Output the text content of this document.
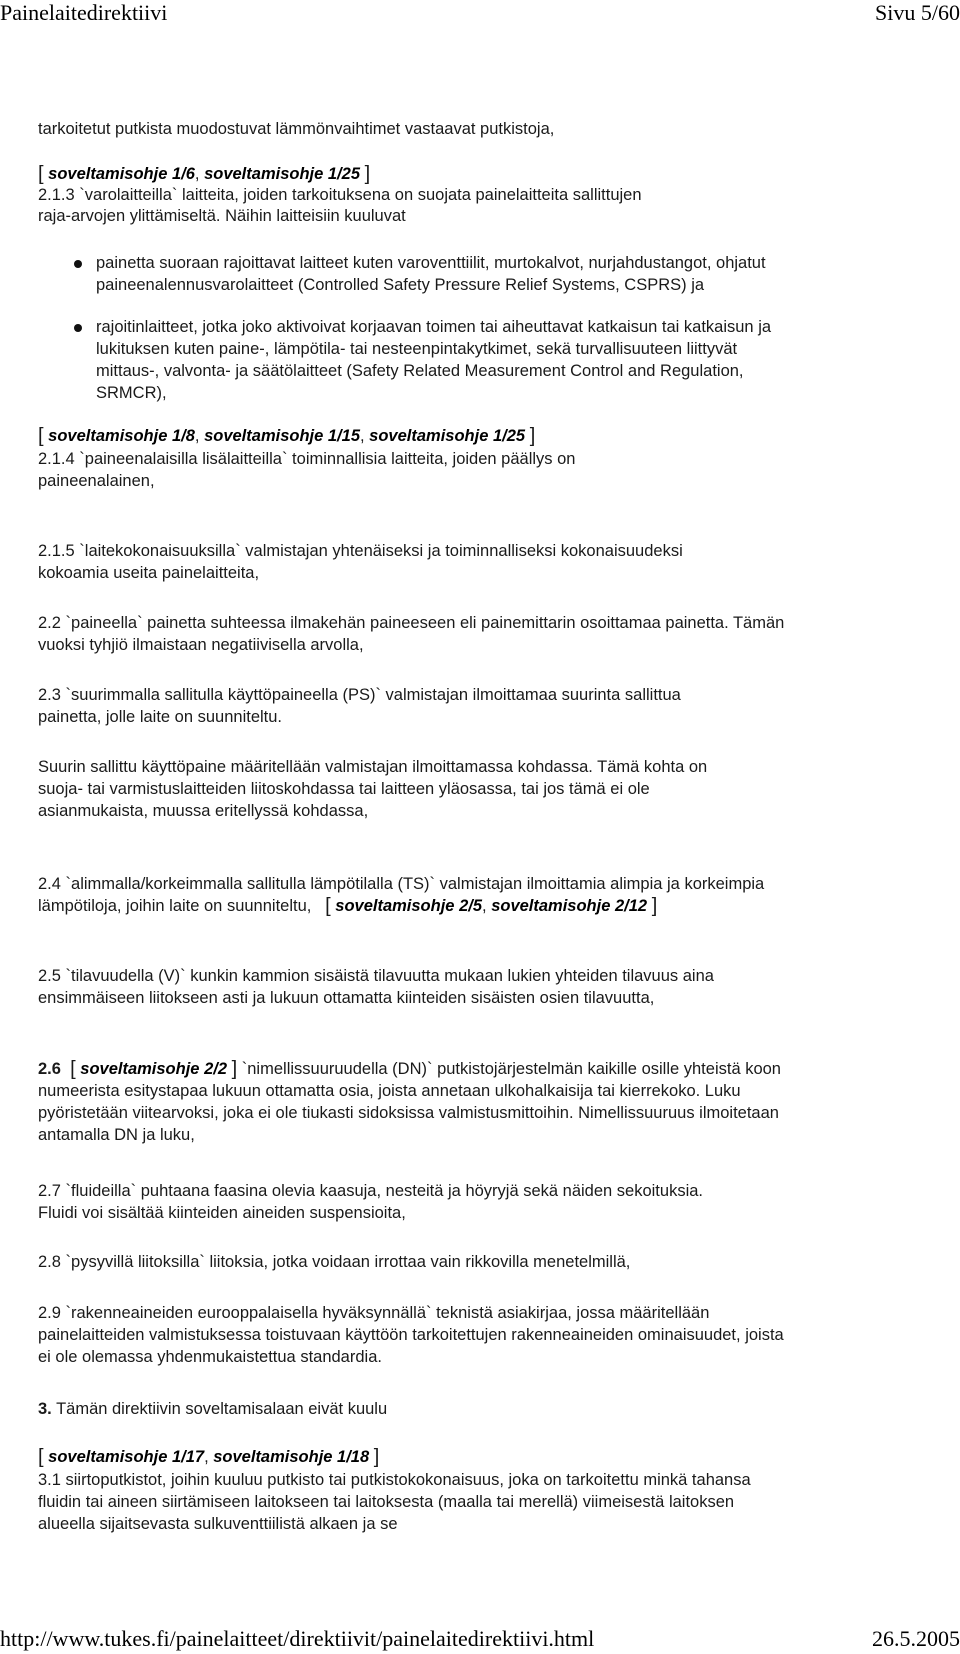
Painelaitedirektiivi	Sivu 5/60

tarkoitetut putkista muodostuvat lämmönvaihtimet vastaavat putkistoja,

[ soveltamisohje 1/6, soveltamisohje 1/25 ]

2.1.3 `varolaitteilla` laitteita, joiden tarkoituksena on suojata painelaitteita sallittujen
raja-arvojen ylittämiseltä. Näihin laitteisiin kuuluvat

painetta suoraan rajoittavat laitteet kuten varoventtiilit, murtokalvot, nurjahdustangot, ohjatut paineenalennusvarolaitteet (Controlled Safety Pressure Relief Systems, CSPRS) ja
rajoitinlaitteet, jotka joko aktivoivat korjaavan toimen tai aiheuttavat katkaisun tai katkaisun ja lukituksen kuten paine-, lämpötila- tai nesteenpintakytkimet, sekä turvallisuuteen liittyvät mittaus-, valvonta- ja säätölaitteet (Safety Related Measurement Control and Regulation, SRMCR),

[ soveltamisohje 1/8, soveltamisohje 1/15, soveltamisohje 1/25 ]

2.1.4 `paineenalaisilla lisälaitteilla` toiminnallisia laitteita, joiden päällys on paineenalainen,

2.1.5 `laitekokonaisuuksilla` valmistajan yhtenäiseksi ja toiminnalliseksi kokonaisuudeksi kokoamia useita painelaitteita,

2.2 `paineella` painetta suhteessa ilmakehän paineeseen eli painemittarin osoittamaa painetta. Tämän vuoksi tyhjiö ilmaistaan negatiivisella arvolla,

2.3 `suurimmalla sallitulla käyttöpaineella (PS)` valmistajan ilmoittamaa suurinta sallittua painetta, jolle laite on suunniteltu.

Suurin sallittu käyttöpaine määritellään valmistajan ilmoittamassa kohdassa. Tämä kohta on suoja- tai varmistuslaitteiden liitoskohdassa tai laitteen yläosassa, tai jos tämä ei ole asianmukaista, muussa eritellyssä kohdassa,

2.4 `alimmalla/korkeimmalla sallitulla lämpötilalla (TS)` valmistajan ilmoittamia alimpia ja korkeimpia lämpötiloja, joihin laite on suunniteltu, [ soveltamisohje 2/5, soveltamisohje 2/12 ]

2.5 `tilavuudella (V)` kunkin kammion sisäistä tilavuutta mukaan lukien yhteiden tilavuus aina ensimmäiseen liitokseen asti ja lukuun ottamatta kiinteiden sisäisten osien tilavuutta,

2.6 [ soveltamisohje 2/2 ] `nimellissuuruudella (DN)` putkistojärjestelmän kaikille osille yhteistä koon numeerista esitystapaa lukuun ottamatta osia, joista annetaan ulkohalkaisija tai kierrekoko. Luku pyöristetään viitearvoksi, joka ei ole tiukasti sidoksissa valmistusmittoihin. Nimellissuuruus ilmoitetaan antamalla DN ja luku,

2.7 `fluideilla` puhtaana faasina olevia kaasuja, nesteitä ja höyryjä sekä näiden sekoituksia. Fluidi voi sisältää kiinteiden aineiden suspensioita,

2.8 `pysyvillä liitoksilla` liitoksia, jotka voidaan irrottaa vain rikkovilla menetelmillä,

2.9 `rakenneaineiden eurooppalaisella hyväksynnällä` teknistä asiakirjaa, jossa määritellään painelaitteiden valmistuksessa toistuvaan käyttöön tarkoitettujen rakenneaineiden ominaisuudet, joista ei ole olemassa yhdenmukaistettua standardia.

3. Tämän direktiivin soveltamisalaan eivät kuulu

[ soveltamisohje 1/17, soveltamisohje 1/18 ]

3.1 siirtoputkistot, joihin kuuluu putkisto tai putkistokokonaisuus, joka on tarkoitettu minkä tahansa fluidin tai aineen siirtämiseen laitokseen tai laitoksesta (maalla tai merellä) viimeisestä laitoksen alueella sijaitsevasta sulkuventtiilistä alkaen ja se

http://www.tukes.fi/painelaitteet/direktiivit/painelaitedirektiivi.html	26.5.2005
